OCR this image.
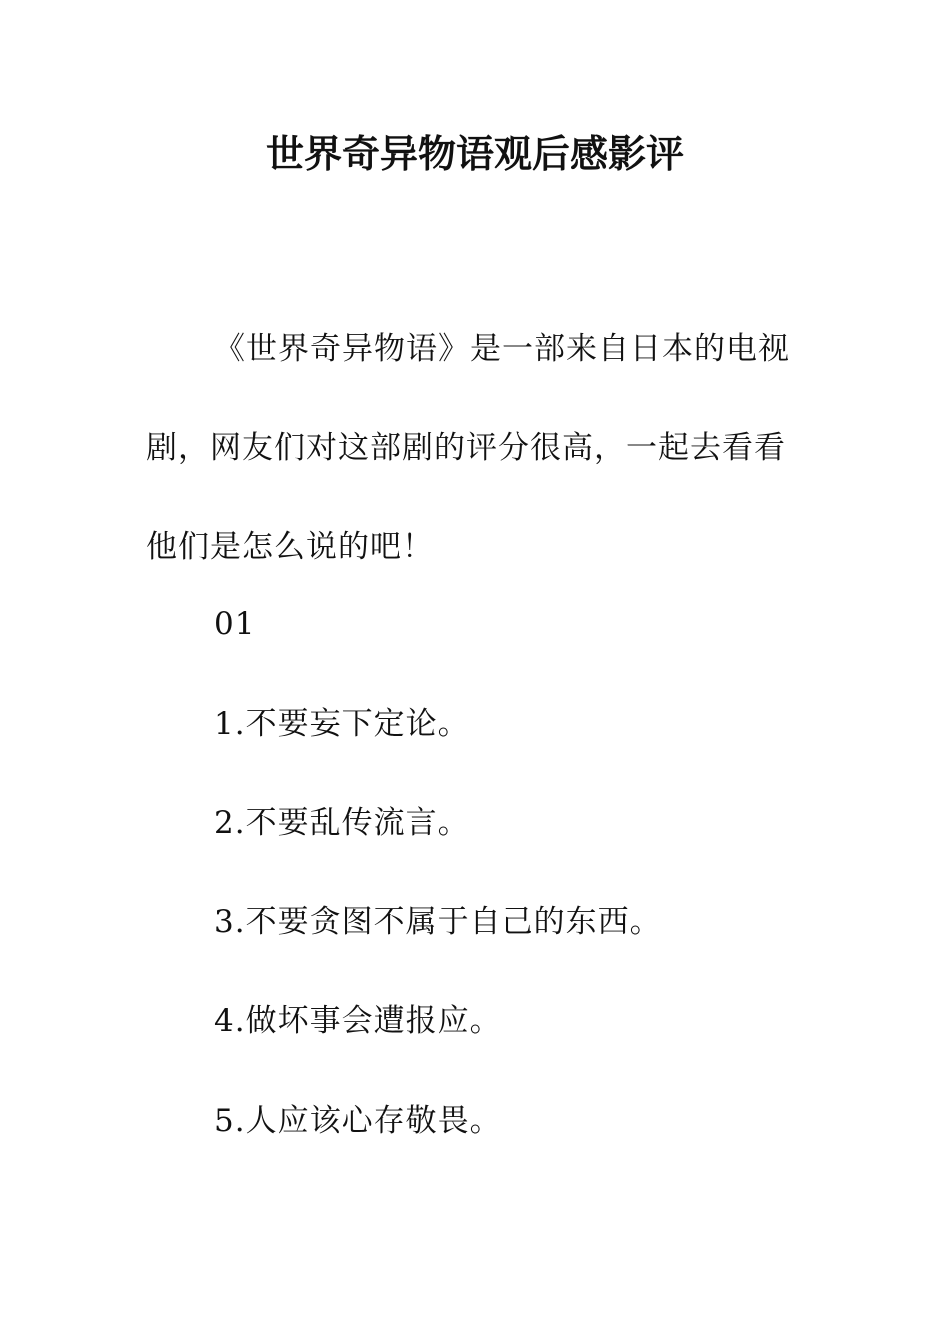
世界奇异物语观后感影评
《世界奇异物语》是一部来自日本的电视剧，网友们对这部剧的评分很高，一起去看看他们是怎么说的吧！
01
1.不要妄下定论。
2.不要乱传流言。
3.不要贪图不属于自己的东西。
4.做坏事会遭报应。
5.人应该心存敬畏。
